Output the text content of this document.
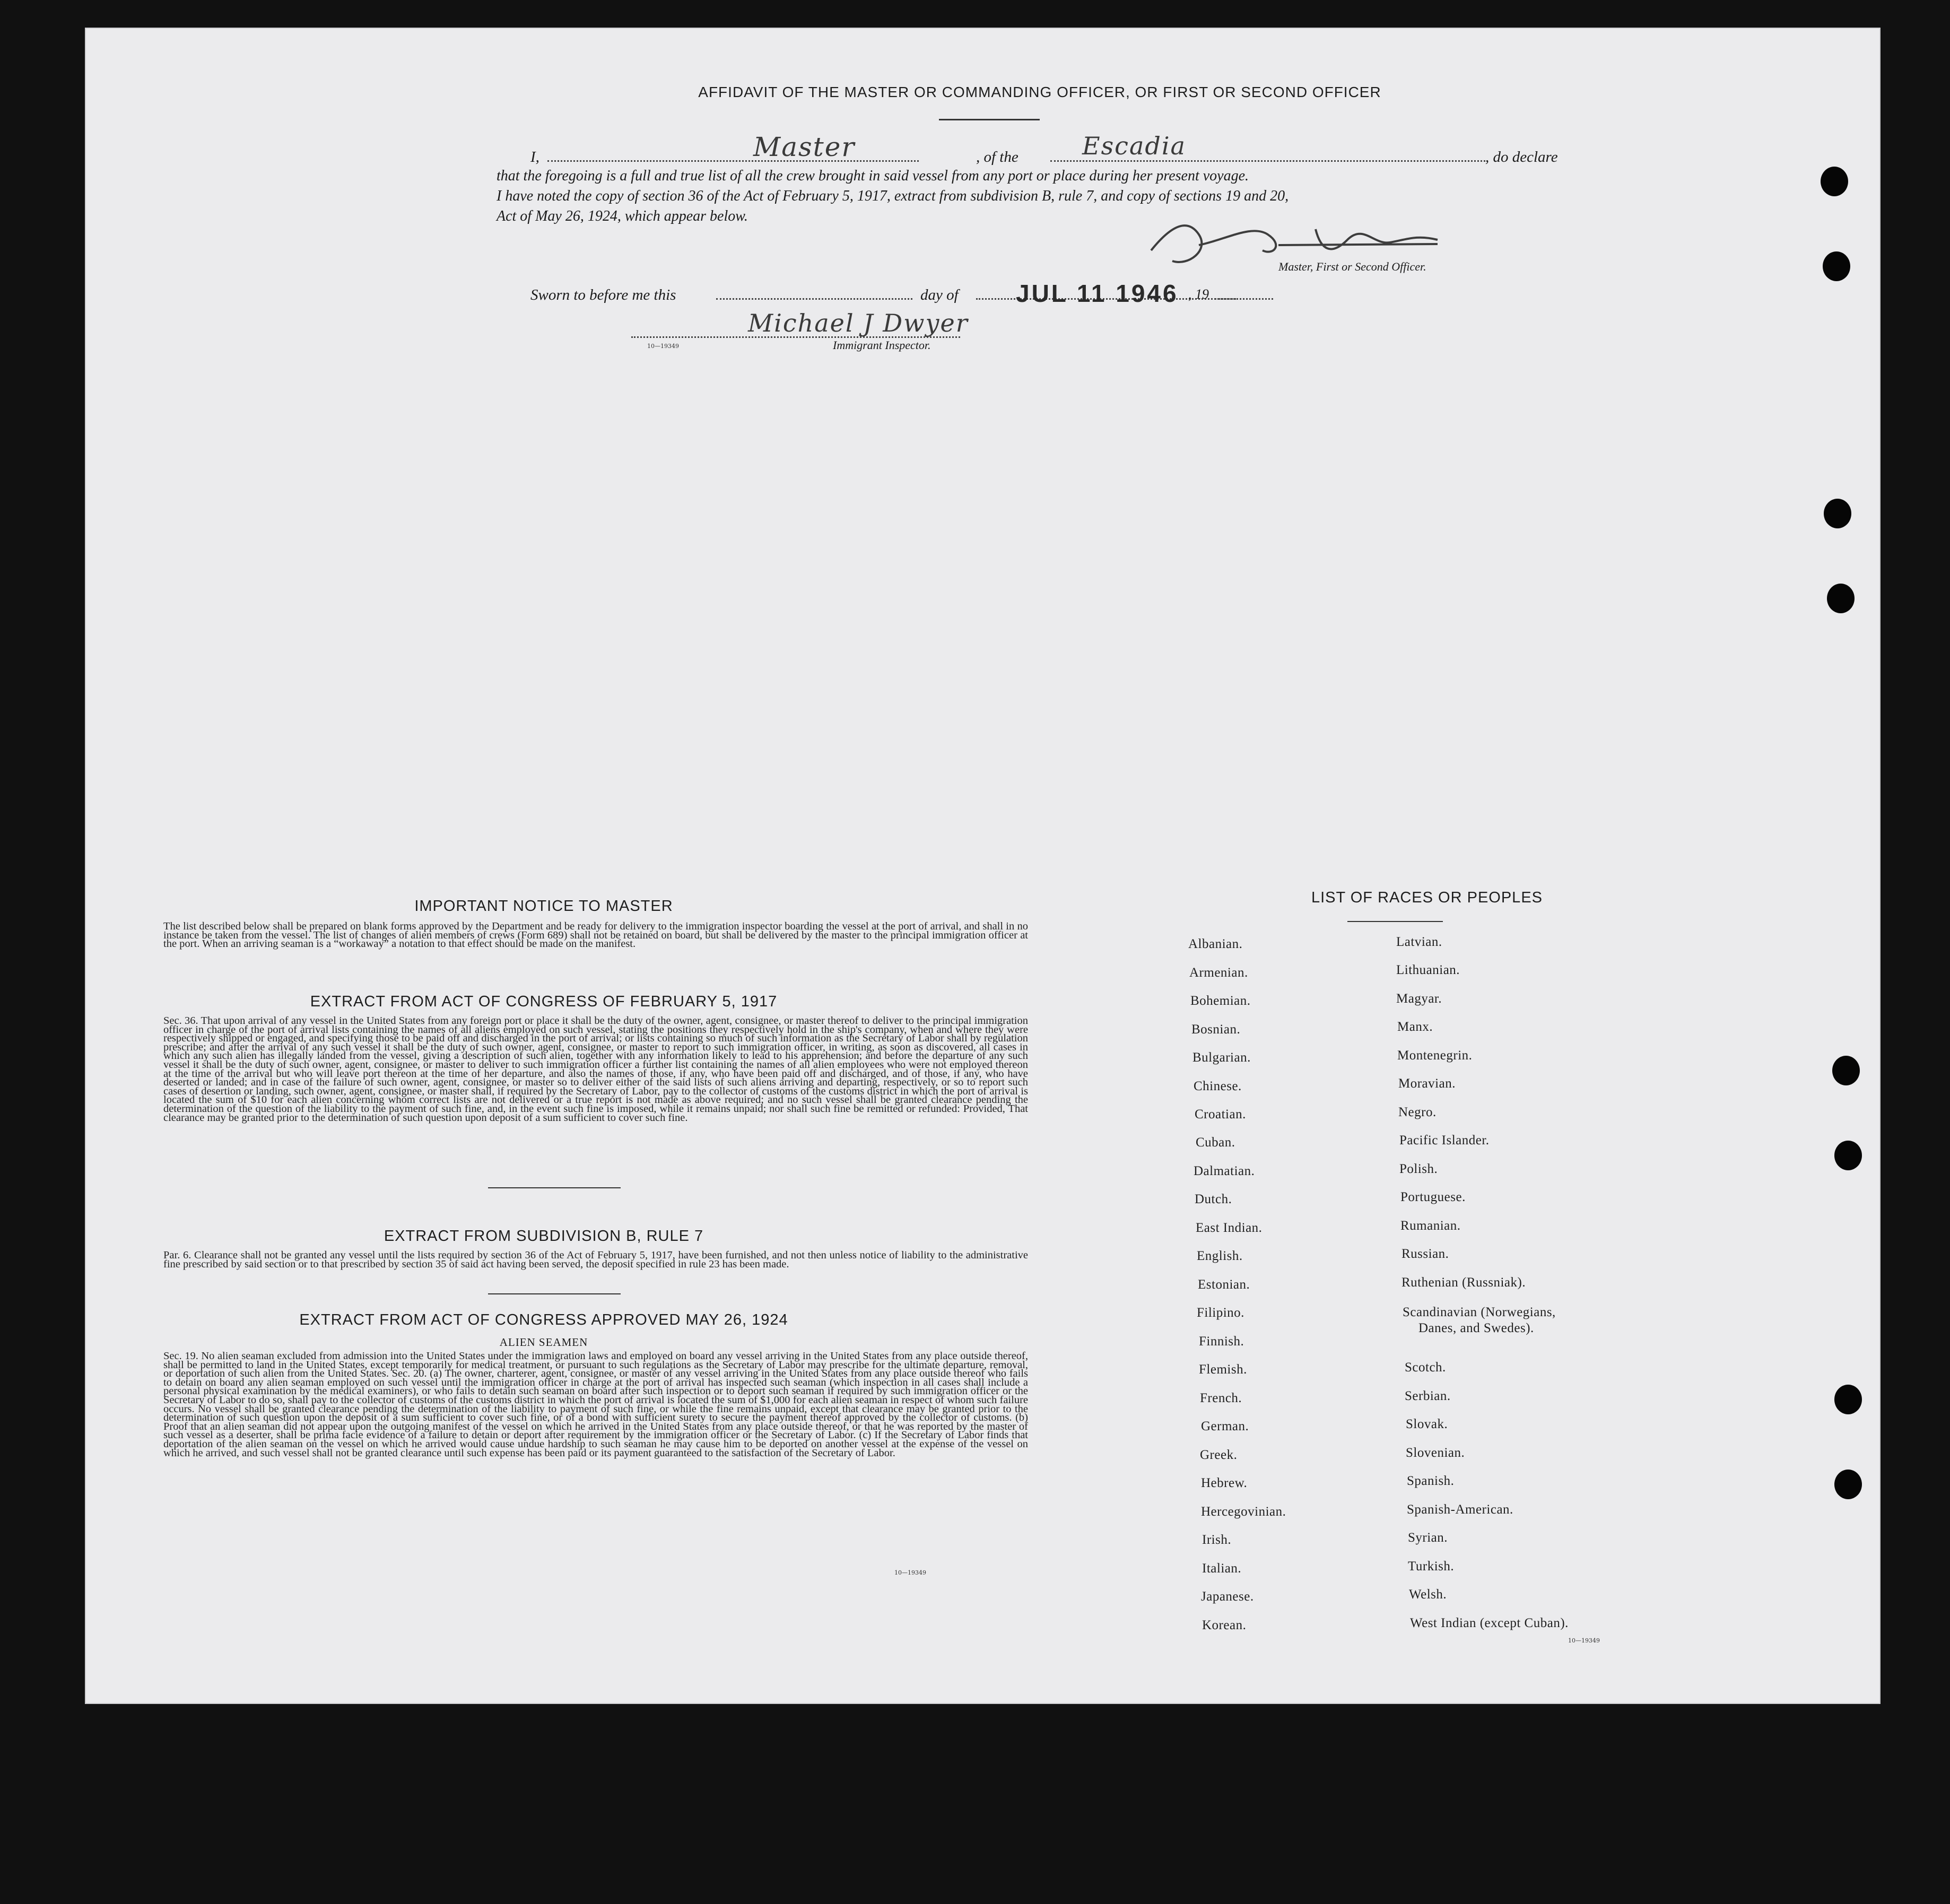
AFFIDAVIT OF THE MASTER OR COMMANDING OFFICER, OR FIRST OR SECOND OFFICER
I,	Master	, of the	Escadia	, do declare
that the foregoing is a full and true list of all the crew brought in said vessel from any port or place during her present voyage.
I have noted the copy of section 36 of the Act of February 5, 1917, extract from subdivision B, rule 7, and copy of sections 19 and 20,
Act of May 26, 1924, which appear below.
Master, First or Second Officer.
Sworn to before me this	day of JUL 11 1946 , 19
Michael J Dwyer
Immigrant Inspector.
10—19349
IMPORTANT NOTICE TO MASTER
The list described below shall be prepared on blank forms approved by the Department and be ready for delivery to the immigration inspector boarding the vessel at the port of arrival, and shall in no instance be taken from the vessel. The list of changes of alien members of crews (Form 689) shall not be retained on board, but shall be delivered by the master to the principal immigration officer at the port. When an arriving seaman is a “workaway” a notation to that effect should be made on the manifest.
EXTRACT FROM ACT OF CONGRESS OF FEBRUARY 5, 1917
Sec. 36. That upon arrival of any vessel in the United States from any foreign port or place it shall be the duty of the owner, agent, consignee, or master thereof to deliver to the principal immigration officer in charge of the port of arrival lists containing the names of all aliens employed on such vessel, stating the positions they respectively hold in the ship's company, when and where they were respectively shipped or engaged, and specifying those to be paid off and discharged in the port of arrival; or lists containing so much of such information as the Secretary of Labor shall by regulation prescribe; and after the arrival of any such vessel it shall be the duty of such owner, agent, consignee, or master to report to such immigration officer, in writing, as soon as discovered, all cases in which any such alien has illegally landed from the vessel, giving a description of such alien, together with any information likely to lead to his apprehension; and before the departure of any such vessel it shall be the duty of such owner, agent, consignee, or master to deliver to such immigration officer a further list containing the names of all alien employees who were not employed thereon at the time of the arrival but who will leave port thereon at the time of her departure, and also the names of those, if any, who have been paid off and discharged, and of those, if any, who have deserted or landed; and in case of the failure of such owner, agent, consignee, or master so to deliver either of the said lists of such aliens arriving and departing, respectively, or so to report such cases of desertion or landing, such owner, agent, consignee, or master shall, if required by the Secretary of Labor, pay to the collector of customs of the customs district in which the port of arrival is located the sum of $10 for each alien concerning whom correct lists are not delivered or a true report is not made as above required; and no such vessel shall be granted clearance pending the determination of the question of the liability to the payment of such fine, and, in the event such fine is imposed, while it remains unpaid; nor shall such fine be remitted or refunded: Provided, That clearance may be granted prior to the determination of such question upon deposit of a sum sufficient to cover such fine.
EXTRACT FROM SUBDIVISION B, RULE 7
Par. 6. Clearance shall not be granted any vessel until the lists required by section 36 of the Act of February 5, 1917, have been furnished, and not then unless notice of liability to the administrative fine prescribed by said section or to that prescribed by section 35 of said act having been served, the deposit specified in rule 23 has been made.
EXTRACT FROM ACT OF CONGRESS APPROVED MAY 26, 1924
ALIEN SEAMEN
Sec. 19. No alien seaman excluded from admission into the United States under the immigration laws and employed on board any vessel arriving in the United States from any place outside thereof, shall be permitted to land in the United States, except temporarily for medical treatment, or pursuant to such regulations as the Secretary of Labor may prescribe for the ultimate departure, removal, or deportation of such alien from the United States. Sec. 20. (a) The owner, charterer, agent, consignee, or master of any vessel arriving in the United States from any place outside thereof who fails to detain on board any alien seaman employed on such vessel until the immigration officer in charge at the port of arrival has inspected such seaman (which inspection in all cases shall include a personal physical examination by the medical examiners), or who fails to detain such seaman on board after such inspection or to deport such seaman if required by such immigration officer or the Secretary of Labor to do so, shall pay to the collector of customs of the customs district in which the port of arrival is located the sum of $1,000 for each alien seaman in respect of whom such failure occurs. No vessel shall be granted clearance pending the determination of the liability to payment of such fine, or while the fine remains unpaid, except that clearance may be granted prior to the determination of such question upon the deposit of a sum sufficient to cover such fine, or of a bond with sufficient surety to secure the payment thereof approved by the collector of customs. (b) Proof that an alien seaman did not appear upon the outgoing manifest of the vessel on which he arrived in the United States from any place outside thereof, or that he was reported by the master of such vessel as a deserter, shall be prima facie evidence of a failure to detain or deport after requirement by the immigration officer or the Secretary of Labor. (c) If the Secretary of Labor finds that deportation of the alien seaman on the vessel on which he arrived would cause undue hardship to such seaman he may cause him to be deported on another vessel at the expense of the vessel on which he arrived, and such vessel shall not be granted clearance until such expense has been paid or its payment guaranteed to the satisfaction of the Secretary of Labor.
10—19349
LIST OF RACES OR PEOPLES
Albanian.
Armenian.
Bohemian.
Bosnian.
Bulgarian.
Chinese.
Croatian.
Cuban.
Dalmatian.
Dutch.
East Indian.
English.
Estonian.
Filipino.
Finnish.
Flemish.
French.
German.
Greek.
Hebrew.
Hercegovinian.
Irish.
Italian.
Japanese.
Korean.
Latvian.
Lithuanian.
Magyar.
Manx.
Montenegrin.
Moravian.
Negro.
Pacific Islander.
Polish.
Portuguese.
Rumanian.
Russian.
Ruthenian (Russniak).
Scandinavian (Norwegians,
Danes, and Swedes).
Scotch.
Serbian.
Slovak.
Slovenian.
Spanish.
Spanish-American.
Syrian.
Turkish.
Welsh.
West Indian (except Cuban).
10—19349
